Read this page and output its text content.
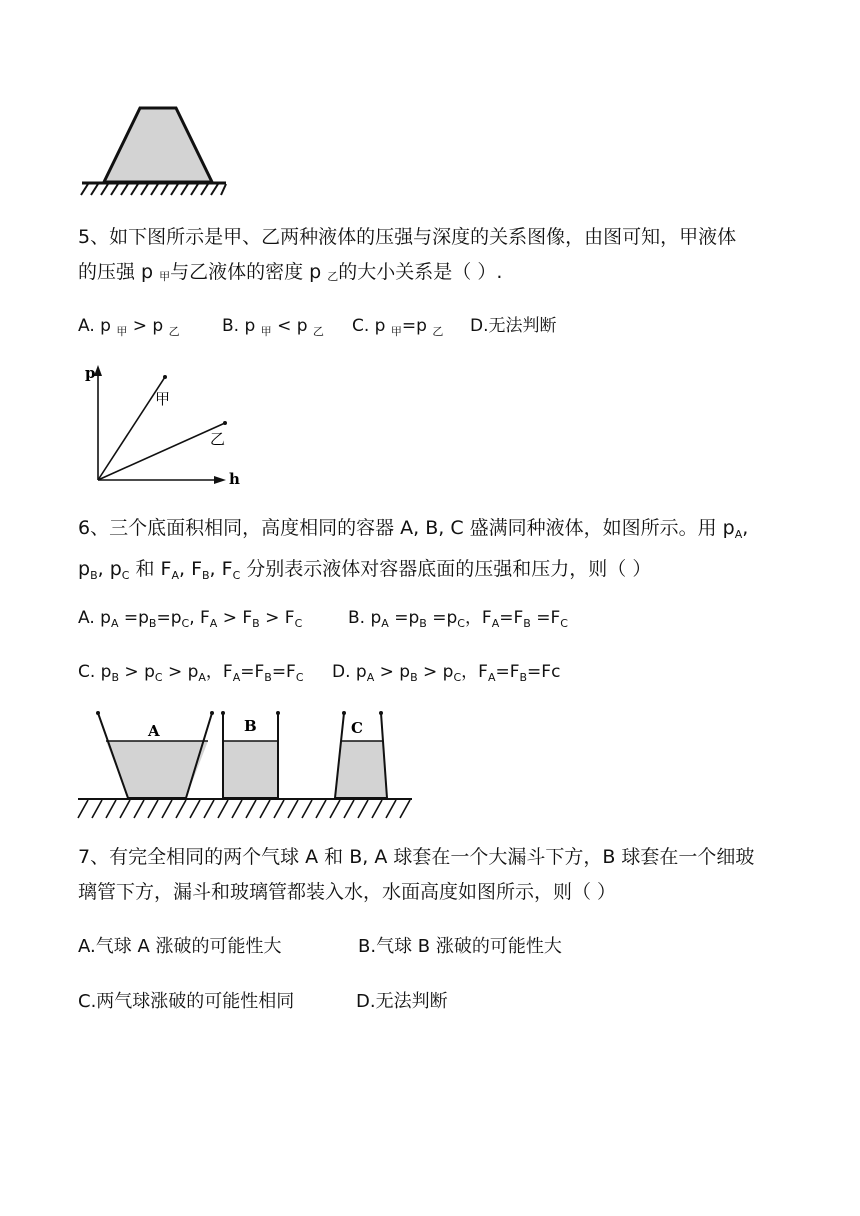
5、如下图所示是甲、乙两种液体的压强与深度的关系图像，由图可知，甲液体
的压强 p 甲与乙液体的密度 p 乙的大小关系是（ ）.
A. p $_甲$ > p $_乙$ B. p $_甲$ < p $_乙$ C. p $_甲$=p $_乙$ D.无法判断
p
h
甲
乙
6、三个底面积相同，高度相同的容器 A, B, C 盛满同种液体，如图所示。用 $p_A$,
$p_B$, $p_C$ 和 $F_A$, $F_B$, $F_C$ 分别表示液体对容器底面的压强和压力，则（ ）
A. $p_A =p_B=p_C$, $F_A > F_B > F_C$	B. $p_A =p_B =p_C$，$F_A=F_B =F_C$
C. $p_B > p_C > p_A$，$F_A=F_B=F_C$ D. $p_A > p_B > p_C$，$F_A=F_B=Fc$
A	B	C
7、有完全相同的两个气球 A 和 B, A 球套在一个大漏斗下方，B 球套在一个细玻
璃管下方，漏斗和玻璃管都装入水，水面高度如图所示，则（ ）
A.气球 A 涨破的可能性大	B.气球 B 涨破的可能性大
C.两气球涨破的可能性相同	D.无法判断
